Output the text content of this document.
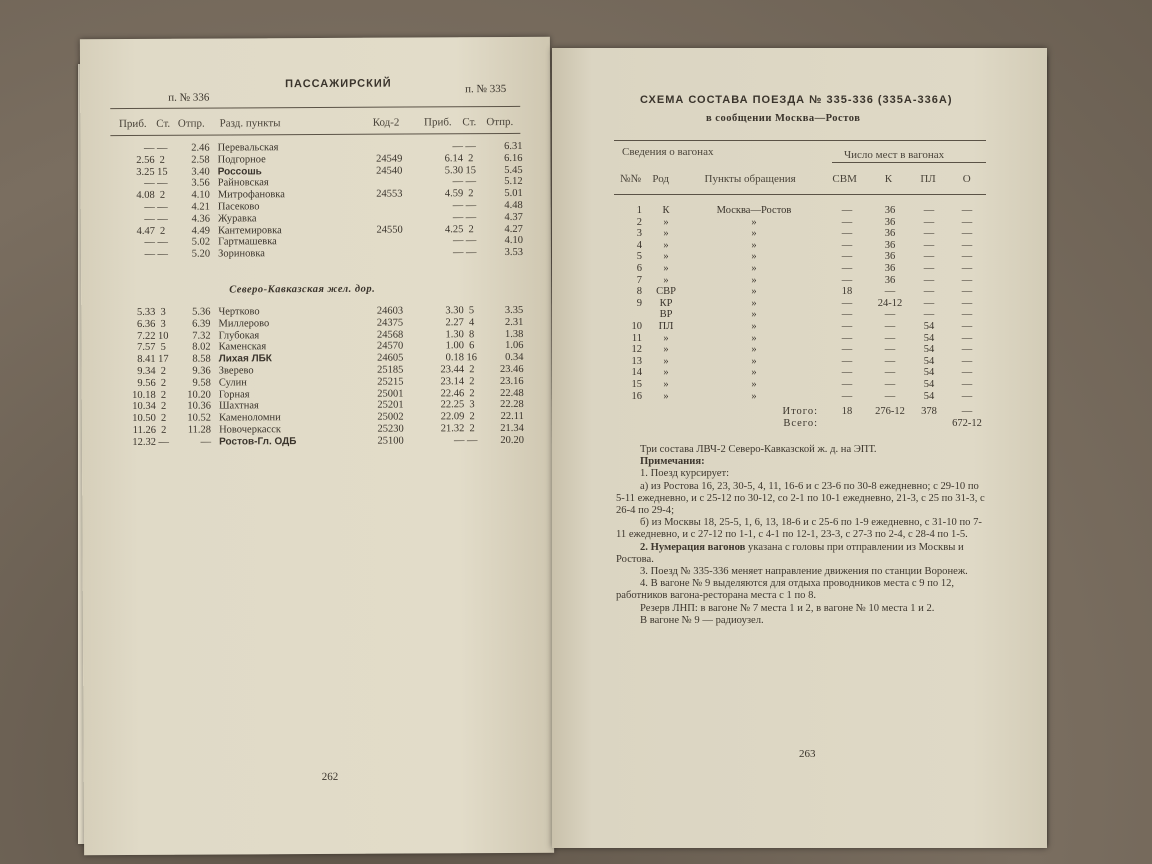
п. № 336
ПАССАЖИРСКИЙ	п. № 335
Приб.	Ст.	Отпр.	Разд. пункты	Код-2	Приб.	Ст.	Отпр.
—	—	2.46	Перевальская		—	—	6.31
2.56	2	2.58	Подгорное	24549	6.14	2	6.16
3.25	15	3.40	Россошь	24540	5.30	15	5.45
—	—	3.56	Райновская		—	—	5.12
4.08	2	4.10	Митрофановка	24553	4.59	2	5.01
—	—	4.21	Пасеково		—	—	4.48
—	—	4.36	Журавка		—	—	4.37
4.47	2	4.49	Кантемировка	24550	4.25	2	4.27
—	—	5.02	Гартмашевка		—	—	4.10
—	—	5.20	Зориновка		—	—	3.53
Северо-Кавказская жел. дор.
5.33	3	5.36	Чертково	24603	3.30	5	3.35
6.36	3	6.39	Миллерово	24375	2.27	4	2.31
7.22	10	7.32	Глубокая	24568	1.30	8	1.38
7.57	5	8.02	Каменская	24570	1.00	6	1.06
8.41	17	8.58	Лихая ЛБК	24605	0.18	16	0.34
9.34	2	9.36	Зверево	25185	23.44	2	23.46
9.56	2	9.58	Сулин	25215	23.14	2	23.16
10.18	2	10.20	Горная	25001	22.46	2	22.48
10.34	2	10.36	Шахтная	25201	22.25	3	22.28
10.50	2	10.52	Каменоломни	25002	22.09	2	22.11
11.26	2	11.28	Новочеркасск	25230	21.32	2	21.34
12.32	—	—	Ростов-Гл. ОДБ	25100	—	—	20.20
262
СХЕМА СОСТАВА ПОЕЗДА № 335-336 (335А-336А)
в сообщении Москва—Ростов
Сведения о вагонах	Число мест в вагонах
№№	Род	Пункты обращения	СВМ	К	ПЛ	О
1	К	Москва—Ростов	—	36	—	—
2	»	»	—	36	—	—
3	»	»	—	36	—	—
4	»	»	—	36	—	—
5	»	»	—	36	—	—
6	»	»	—	36	—	—
7	»	»	—	36	—	—
8	СВР	»	18	—	—	—
9	КР	»	—	24-12	—	—
	ВР	»	—	—	—	—
10	ПЛ	»	—	—	54	—
11	»	»	—	—	54	—
12	»	»	—	—	54	—
13	»	»	—	—	54	—
14	»	»	—	—	54	—
15	»	»	—	—	54	—
16	»	»	—	—	54	—
		Итого:	18	276-12	378	—
		Всего:				672-12

Три состава ЛВЧ-2 Северо-Кавказской ж. д. на ЭПТ.

Примечания:

1. Поезд курсирует:

а) из Ростова 16, 23, 30-5, 4, 11, 16-6 и с 23-6 по 30-8 ежедневно; с 29-10 по 5-11 ежедневно, и с 25-12 по 30-12, со 2-1 по 10-1 ежедневно, 21-3, с 25 по 31-3, с 26-4 по 29-4;

б) из Москвы 18, 25-5, 1, 6, 13, 18-6 и с 25-6 по 1-9 ежедневно, с 31-10 по 7-11 ежедневно, и с 27-12 по 1-1, с 4-1 по 12-1, 23-3, с 27-3 по 2-4, с 28-4 по 1-5.

2. Нумерация вагонов указана с головы при отправлении из Москвы и Ростова.

3. Поезд № 335-336 меняет направление движения по станции Воронеж.

4. В вагоне № 9 выделяются для отдыха проводников места с 9 по 12, работников вагона-ресторана места с 1 по 8.

Резерв ЛНП: в вагоне № 7 места 1 и 2, в вагоне № 10 места 1 и 2.

В вагоне № 9 — радиоузел.

263
